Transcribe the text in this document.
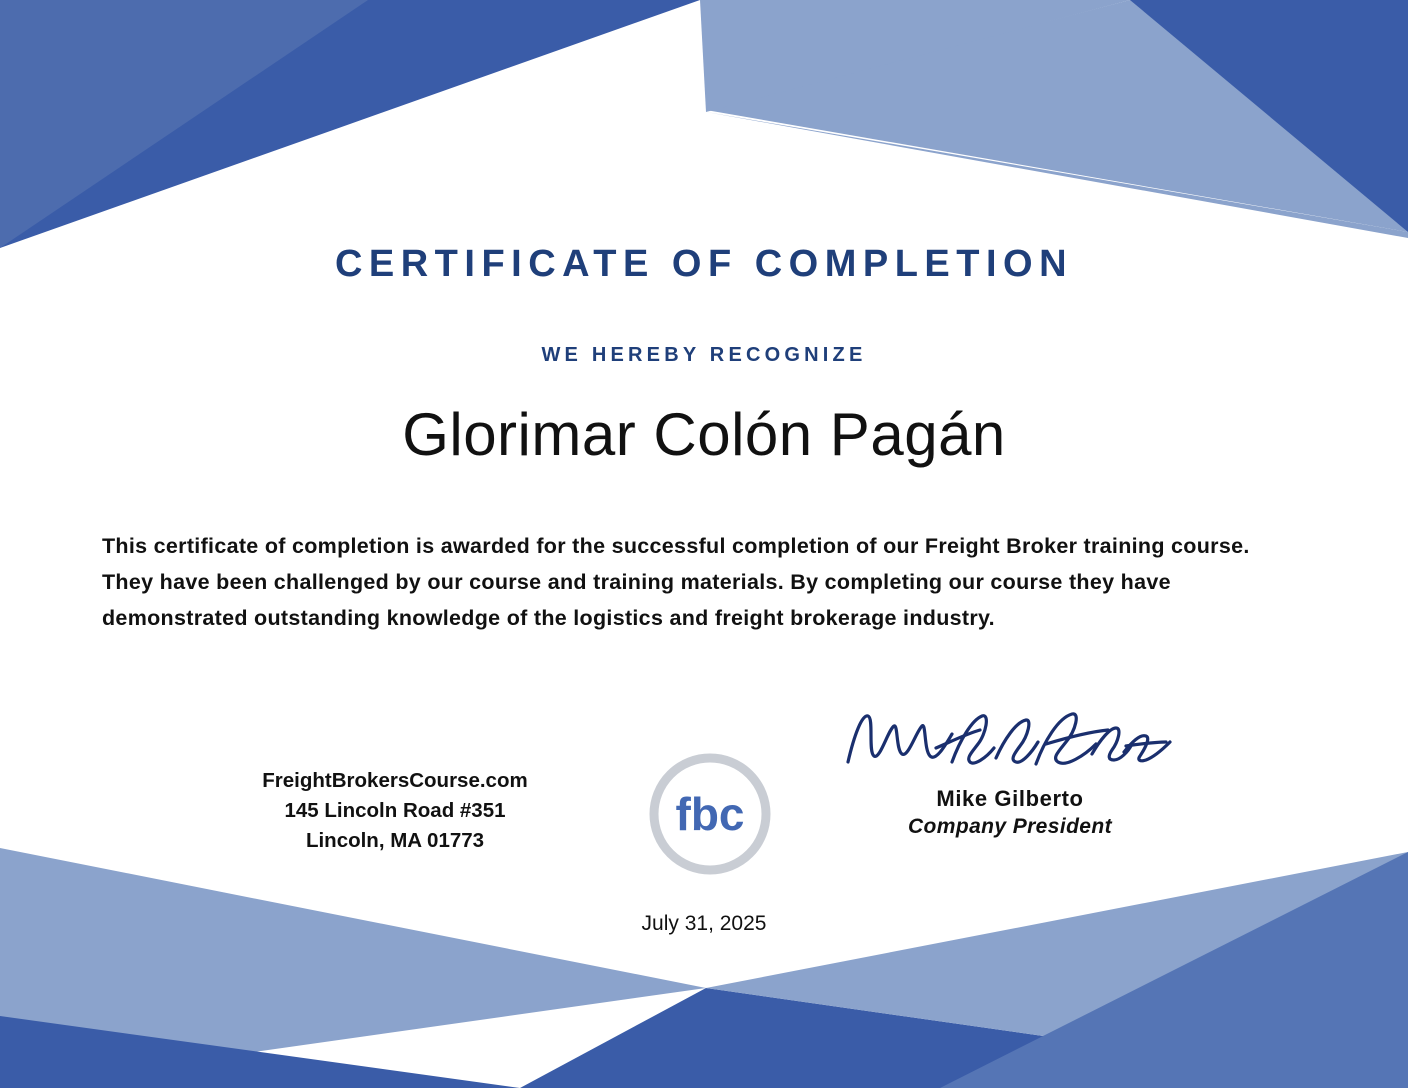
CERTIFICATE OF COMPLETION
WE HEREBY RECOGNIZE
Glorimar Colón Pagán
This certificate of completion is awarded for the successful completion of our Freight Broker training course. They have been challenged by our course and training materials. By completing our course they have demonstrated outstanding knowledge of the logistics and freight brokerage industry.
FreightBrokersCourse.com
145 Lincoln Road #351
Lincoln, MA 01773
fbc	Mike Gilberto
Company President
July 31, 2025
